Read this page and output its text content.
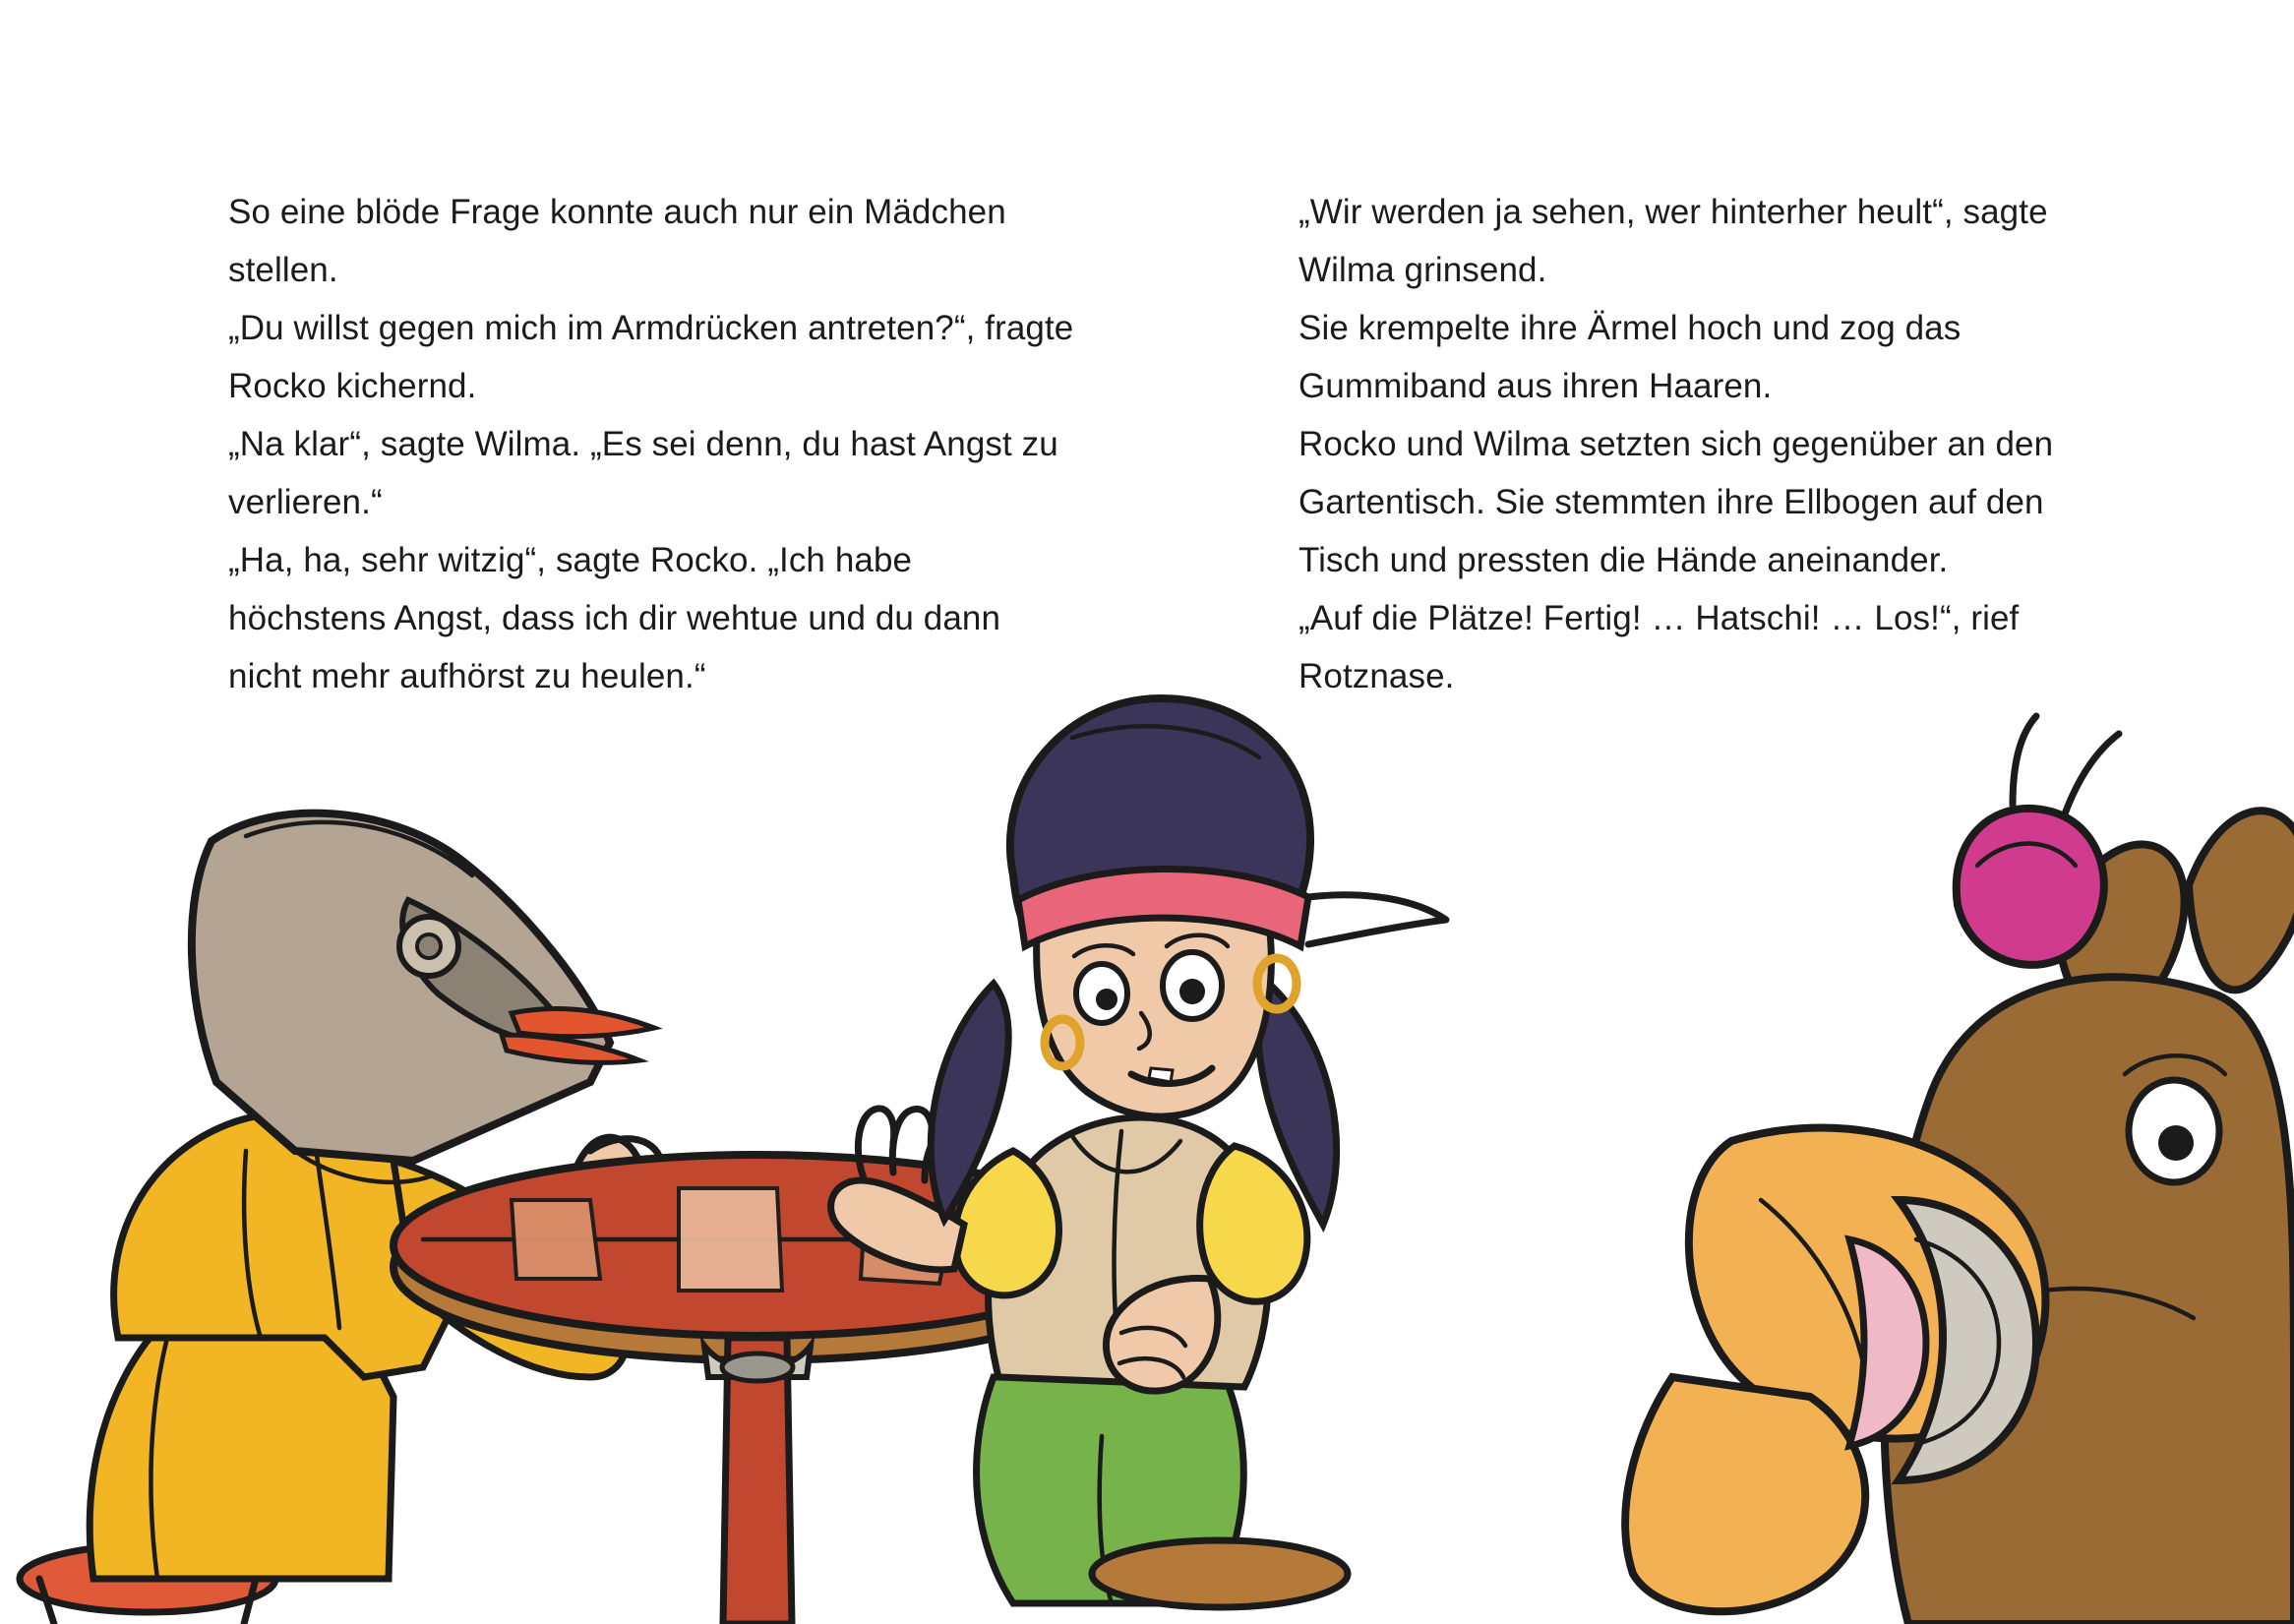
So eine blöde Frage konnte auch nur ein Mädchen stellen.

„Du willst gegen mich im Armdrücken antreten?“, fragte Rocko kichernd.

„Na klar“, sagte Wilma. „Es sei denn, du hast Angst zu verlieren.“

„Ha, ha, sehr witzig“, sagte Rocko. „Ich habe höchstens Angst, dass ich dir wehtue und du dann nicht mehr aufhörst zu heulen.“

„Wir werden ja sehen, wer hinterher heult“, sagte Wilma grinsend.

Sie krempelte ihre Ärmel hoch und zog das Gummiband aus ihren Haaren.

Rocko und Wilma setzten sich gegenüber an den Gartentisch. Sie stemmten ihre Ellbogen auf den Tisch und pressten die Hände aneinander.

„Auf die Plätze! Fertig! … Hatschi! … Los!“, rief Rotznase.
